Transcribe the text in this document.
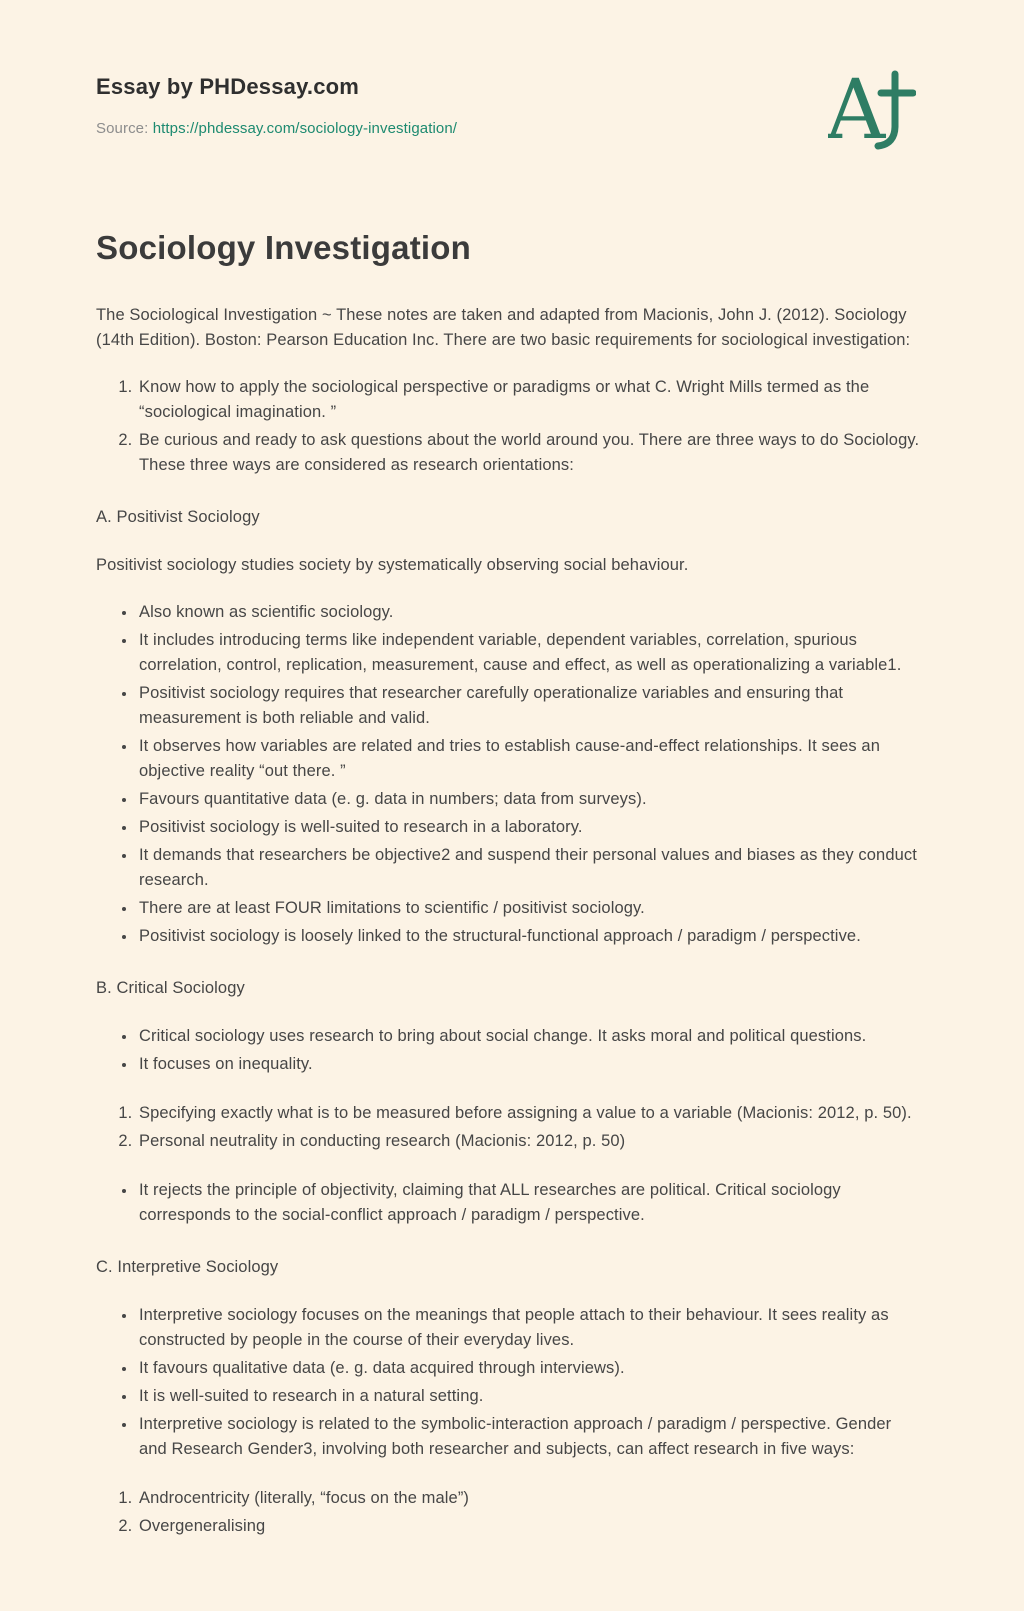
Essay by PHDessay.com
Source: https://phdessay.com/sociology-investigation/	A
Sociology Investigation

The Sociological Investigation ~ These notes are taken and adapted from Macionis, John J. (2012). Sociology (14th Edition). Boston: Pearson Education Inc. There are two basic requirements for sociological investigation:

1. Know how to apply the sociological perspective or paradigms or what C. Wright Mills termed as the “sociological imagination. ”
2. Be curious and ready to ask questions about the world around you. There are three ways to do Sociology. These three ways are considered as research orientations:
A. Positivist Sociology

Positivist sociology studies society by systematically observing social behaviour.

• Also known as scientific sociology.
• It includes introducing terms like independent variable, dependent variables, correlation, spurious correlation, control, replication, measurement, cause and effect, as well as operationalizing a variable1.
• Positivist sociology requires that researcher carefully operationalize variables and ensuring that measurement is both reliable and valid.
• It observes how variables are related and tries to establish cause-and-effect relationships. It sees an objective reality “out there. ”
• Favours quantitative data (e. g. data in numbers; data from surveys).
• Positivist sociology is well-suited to research in a laboratory.
• It demands that researchers be objective2 and suspend their personal values and biases as they conduct research.
• There are at least FOUR limitations to scientific / positivist sociology.
• Positivist sociology is loosely linked to the structural-functional approach / paradigm / perspective.
B. Critical Sociology
• Critical sociology uses research to bring about social change. It asks moral and political questions.
• It focuses on inequality.
1. Specifying exactly what is to be measured before assigning a value to a variable (Macionis: 2012, p. 50).
2. Personal neutrality in conducting research (Macionis: 2012, p. 50)
• It rejects the principle of objectivity, claiming that ALL researches are political. Critical sociology corresponds to the social-conflict approach / paradigm / perspective.
C. Interpretive Sociology
• Interpretive sociology focuses on the meanings that people attach to their behaviour. It sees reality as constructed by people in the course of their everyday lives.
• It favours qualitative data (e. g. data acquired through interviews).
• It is well-suited to research in a natural setting.
• Interpretive sociology is related to the symbolic-interaction approach / paradigm / perspective. Gender and Research Gender3, involving both researcher and subjects, can affect research in five ways:
1. Androcentricity (literally, “focus on the male”)
2. Overgeneralising
